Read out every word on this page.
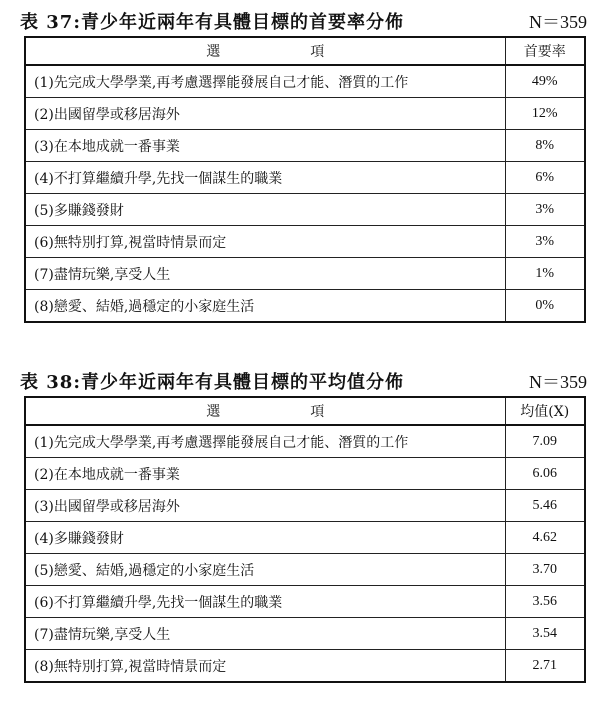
表 37:青少年近兩年有具體目標的首要率分佈	N＝359
選項	首要率
(1)先完成大學學業,再考慮選擇能發展自己才能、潛質的工作	49%
(2)出國留學或移居海外	12%
(3)在本地成就一番事業	8%
(4)不打算繼續升學,先找一個謀生的職業	6%
(5)多賺錢發財	3%
(6)無特別打算,視當時情景而定	3%
(7)盡情玩樂,享受人生	1%
(8)戀愛、結婚,過穩定的小家庭生活	0%
表 38:青少年近兩年有具體目標的平均值分佈	N＝359
選項	均值(X)
(1)先完成大學學業,再考慮選擇能發展自己才能、潛質的工作	7.09
(2)在本地成就一番事業	6.06
(3)出國留學或移居海外	5.46
(4)多賺錢發財	4.62
(5)戀愛、結婚,過穩定的小家庭生活	3.70
(6)不打算繼續升學,先找一個謀生的職業	3.56
(7)盡情玩樂,享受人生	3.54
(8)無特別打算,視當時情景而定	2.71
